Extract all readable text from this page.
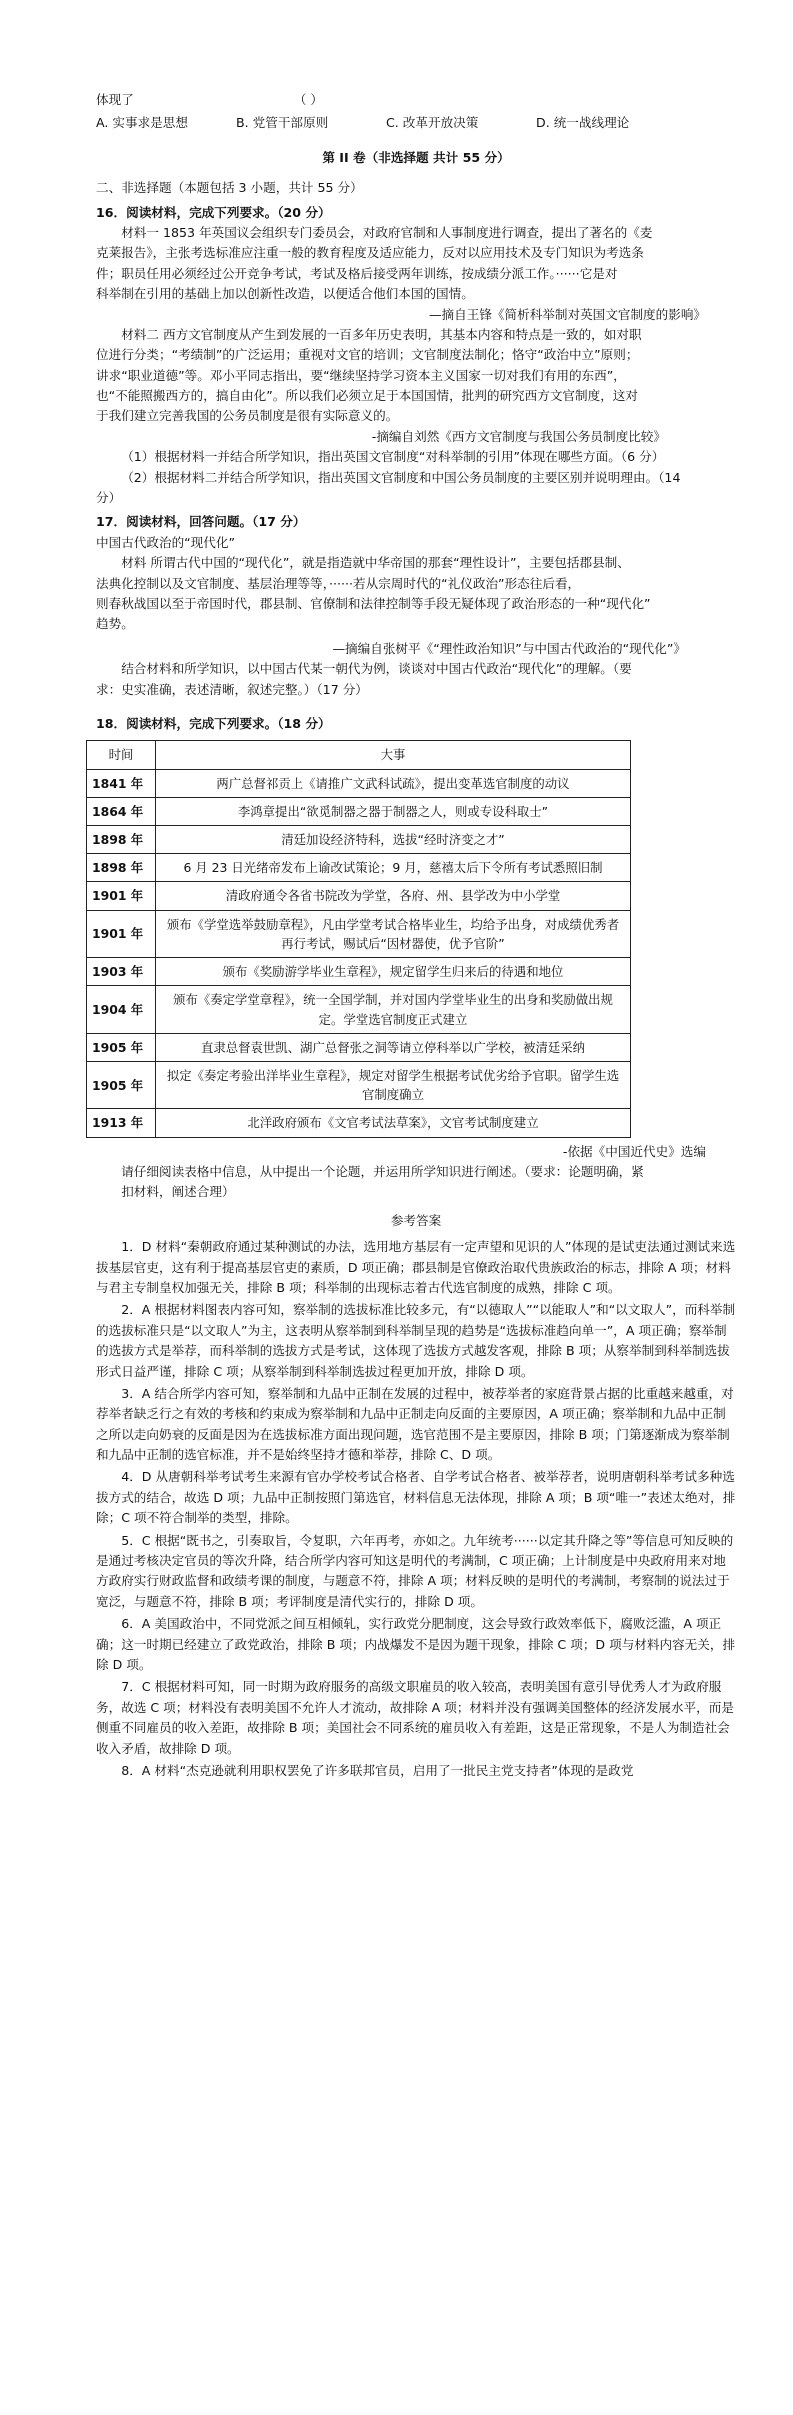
体现了	（ ）

A. 实事求是思想	B. 党管干部原则	C. 改革开放决策	D. 统一战线理论

第 II 卷（非选择题 共计 55 分）

二、非选择题（本题包括 3 小题，共计 55 分）

16．阅读材料，完成下列要求。（20 分）

材料一 1853 年英国议会组织专门委员会，对政府官制和人事制度进行调查，提出了著名的《麦

克莱报告》，主张考选标准应注重一般的教育程度及适应能力，反对以应用技术及专门知识为考选条

件；职员任用必须经过公开竞争考试，考试及格后接受两年训练，按成绩分派工作。······它是对

科举制在引用的基础上加以创新性改造，以便适合他们本国的国情。

—摘自王锋《简析科举制对英国文官制度的影响》

材料二 西方文官制度从产生到发展的一百多年历史表明，其基本内容和特点是一致的，如对职

位进行分类；“考绩制”的广泛运用；重视对文官的培训；文官制度法制化；恪守“政治中立”原则；

讲求“职业道德”等。邓小平同志指出，要“继续坚持学习资本主义国家一切对我们有用的东西”，

也“不能照搬西方的，搞自由化”。所以我们必须立足于本国国情，批判的研究西方文官制度，这对

于我们建立完善我国的公务员制度是很有实际意义的。

-摘编自刘然《西方文官制度与我国公务员制度比较》

（1）根据材料一并结合所学知识，指出英国文官制度“对科举制的引用”体现在哪些方面。（6 分）

（2）根据材料二并结合所学知识，指出英国文官制度和中国公务员制度的主要区别并说明理由。（14

分）

17．阅读材料，回答问题。（17 分）

中国古代政治的“现代化”

材料 所谓古代中国的“现代化”，就是指造就中华帝国的那套“理性设计”，主要包括郡县制、

法典化控制以及文官制度、基层治理等等，······若从宗周时代的“礼仪政治”形态往后看，

则春秋战国以至于帝国时代，郡县制、官僚制和法律控制等手段无疑体现了政治形态的一种“现代化”

趋势。

—摘编自张树平《“理性政治知识”与中国古代政治的“现代化”》

结合材料和所学知识，以中国古代某一朝代为例，谈谈对中国古代政治“现代化”的理解。（要

求：史实准确，表述清晰，叙述完整。）（17 分）

18．阅读材料，完成下列要求。（18 分）

时间	大事
1841 年	两广总督祁贡上《请推广文武科试疏》，提出变革选官制度的动议
1864 年	李鸿章提出“欲觅制器之器于制器之人，则或专设科取士”
1898 年	清廷加设经济特科，选拔“经时济变之才”
1898 年	6 月 23 日光绪帝发布上谕改试策论；9 月，慈禧太后下令所有考试悉照旧制
1901 年	清政府通令各省书院改为学堂，各府、州、县学改为中小学堂
1901 年	颁布《学堂选举鼓励章程》，凡由学堂考试合格毕业生，均给予出身，对成绩优秀者再行考试，赐试后“因材器使，优予官阶”
1903 年	颁布《奖励游学毕业生章程》，规定留学生归来后的待遇和地位
1904 年	颁布《奏定学堂章程》，统一全国学制，并对国内学堂毕业生的出身和奖励做出规定。学堂选官制度正式建立
1905 年	直隶总督袁世凯、湖广总督张之洞等请立停科举以广学校，被清廷采纳
1905 年	拟定《奏定考验出洋毕业生章程》，规定对留学生根据考试优劣给予官职。留学生选官制度确立
1913 年	北洋政府颁布《文官考试法草案》，文官考试制度建立

-依据《中国近代史》选编

请仔细阅读表格中信息，从中提出一个论题，并运用所学知识进行阐述。（要求：论题明确，紧

扣材料，阐述合理）

参考答案

1．D 材料“秦朝政府通过某种测试的办法，选用地方基层有一定声望和见识的人”体现的是试吏法通过测试来选拔基层官吏，这有利于提高基层官吏的素质，D 项正确；郡县制是官僚政治取代贵族政治的标志，排除 A 项；材料与君主专制皇权加强无关，排除 B 项；科举制的出现标志着古代选官制度的成熟，排除 C 项。

2．A 根据材料图表内容可知，察举制的选拔标准比较多元，有“以德取人”“以能取人”和“以文取人”，而科举制的选拔标准只是“以文取人”为主，这表明从察举制到科举制呈现的趋势是“选拔标准趋向单一”，A 项正确；察举制的选拔方式是举荐，而科举制的选拔方式是考试，这体现了选拔方式越发客观，排除 B 项；从察举制到科举制选拔形式日益严谨，排除 C 项；从察举制到科举制选拔过程更加开放，排除 D 项。

3．A 结合所学内容可知，察举制和九品中正制在发展的过程中，被荐举者的家庭背景占据的比重越来越重，对荐举者缺乏行之有效的考核和约束成为察举制和九品中正制走向反面的主要原因，A 项正确；察举制和九品中正制之所以走向奶衰的反面是因为在选拔标准方面出现问题，选官范围不是主要原因，排除 B 项；门第逐渐成为察举制和九品中正制的选官标准，并不是始终坚持才德和举荐，排除 C、D 项。

4．D 从唐朝科举考试考生来源有官办学校考试合格者、自学考试合格者、被举荐者，说明唐朝科举考试多种选拔方式的结合，故选 D 项；九品中正制按照门第选官，材料信息无法体现，排除 A 项；B 项“唯一”表述太绝对，排除；C 项不符合制举的类型，排除。

5．C 根据“既书之，引奏取旨，令复职，六年再考，亦如之。九年统考······以定其升降之等”等信息可知反映的是通过考核决定官员的等次升降，结合所学内容可知这是明代的考满制，C 项正确；上计制度是中央政府用来对地方政府实行财政监督和政绩考课的制度，与题意不符，排除 A 项；材料反映的是明代的考满制，考察制的说法过于宽泛，与题意不符，排除 B 项；考评制度是清代实行的，排除 D 项。

6．A 美国政治中，不同党派之间互相倾轧，实行政党分肥制度，这会导致行政效率低下，腐败泛滥，A 项正确；这一时期已经建立了政党政治，排除 B 项；内战爆发不是因为题干现象，排除 C 项；D 项与材料内容无关，排除 D 项。

7．C 根据材料可知，同一时期为政府服务的高级文职雇员的收入较高，表明美国有意引导优秀人才为政府服务，故选 C 项；材料没有表明美国不允许人才流动，故排除 A 项；材料并没有强调美国整体的经济发展水平，而是侧重不同雇员的收入差距，故排除 B 项；美国社会不同系统的雇员收入有差距，这是正常现象，不是人为制造社会收入矛盾，故排除 D 项。

8．A 材料“杰克逊就利用职权罢免了许多联邦官员，启用了一批民主党支持者”体现的是政党
